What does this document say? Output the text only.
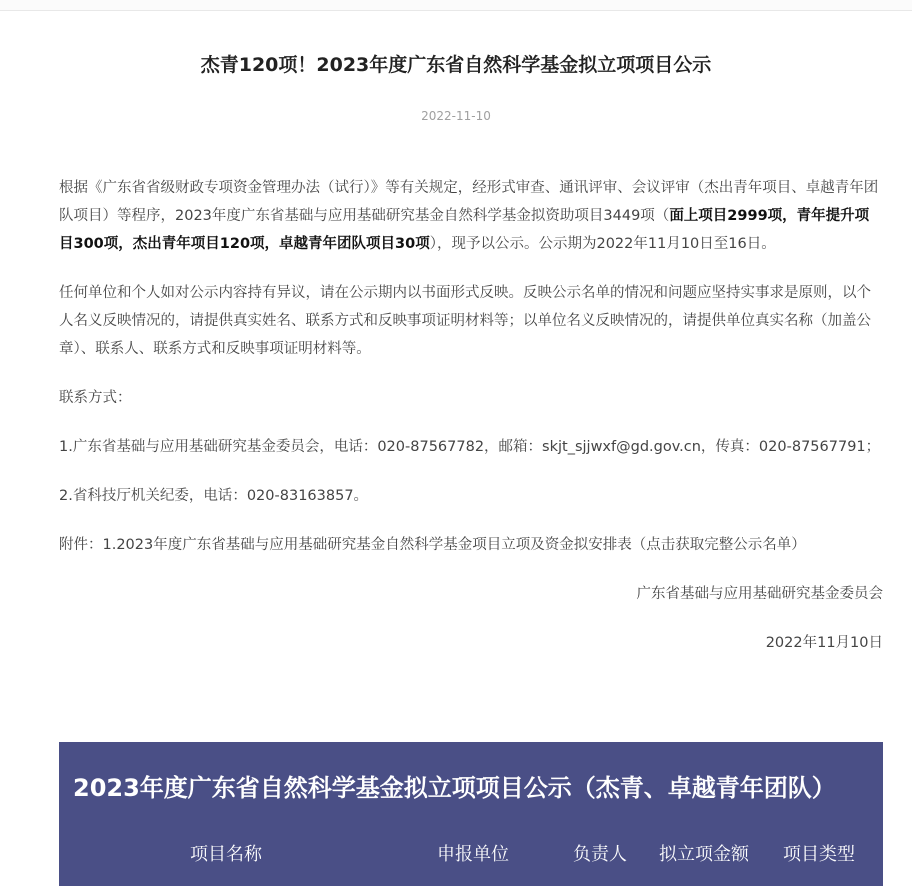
杰青120项！2023年度广东省自然科学基金拟立项项目公示
2022-11-10

根据《广东省省级财政专项资金管理办法（试行）》等有关规定，经形式审查、通讯评审、会议评审（杰出青年项目、卓越青年团队项目）等程序，2023年度广东省基础与应用基础研究基金自然科学基金拟资助项目3449项（面上项目2999项，青年提升项目300项，杰出青年项目120项，卓越青年团队项目30项），现予以公示。公示期为2022年11月10日至16日。

任何单位和个人如对公示内容持有异议，请在公示期内以书面形式反映。反映公示名单的情况和问题应坚持实事求是原则，以个人名义反映情况的，请提供真实姓名、联系方式和反映事项证明材料等；以单位名义反映情况的，请提供单位真实名称（加盖公章）、联系人、联系方式和反映事项证明材料等。

联系方式：

1.广东省基础与应用基础研究基金委员会，电话：020-87567782，邮箱：skjt_sjjwxf@gd.gov.cn，传真：020-87567791；

2.省科技厅机关纪委，电话：020-83163857。

附件：1.2023年度广东省基础与应用基础研究基金自然科学基金项目立项及资金拟安排表（点击获取完整公示名单）

广东省基础与应用基础研究基金委员会

2022年11月10日

2023年度广东省自然科学基金拟立项项目公示（杰青、卓越青年团队）
项目名称	申报单位	负责人 拟立项金额 项目类型
